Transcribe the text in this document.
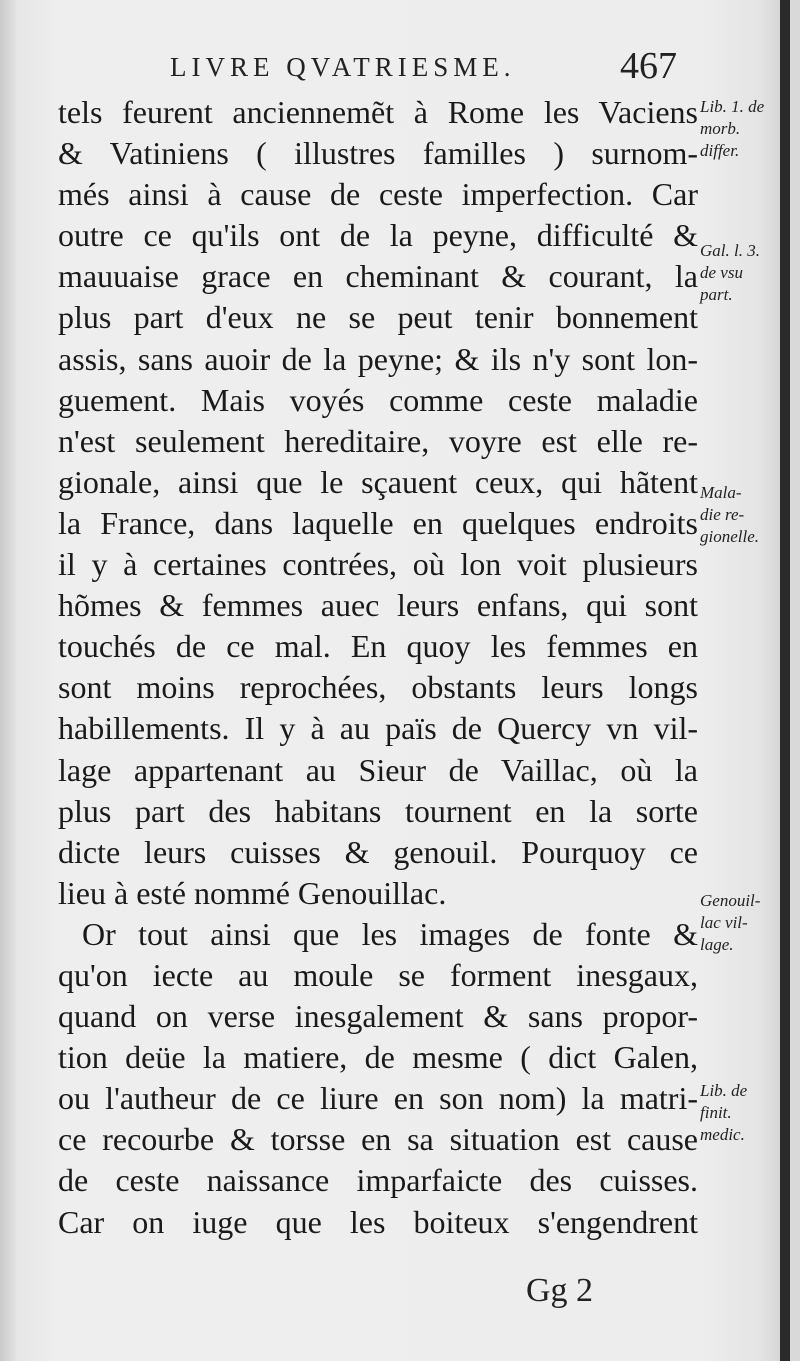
LIVRE QVATRIESME.	467
tels feurent anciennemẽt à Rome les Vaciens
& Vatiniens ( illustres familles ) surnom-
més ainsi à cause de ceste imperfection. Car
outre ce qu'ils ont de la peyne, difficulté &
mauuaise grace en cheminant & courant, la
plus part d'eux ne se peut tenir bonnement
assis, sans auoir de la peyne; & ils n'y sont lon-
guement. Mais voyés comme ceste maladie
n'est seulement hereditaire, voyre est elle re-
gionale, ainsi que le sçauent ceux, qui hãtent
la France, dans laquelle en quelques endroits
il y à certaines contrées, où lon voit plusieurs
hõmes & femmes auec leurs enfans, qui sont
touchés de ce mal. En quoy les femmes en
sont moins reprochées, obstants leurs longs
habillements. Il y à au païs de Quercy vn vil-
lage appartenant au Sieur de Vaillac, où la
plus part des habitans tournent en la sorte
dicte leurs cuisses & genouil. Pourquoy ce
lieu à esté nommé Genouillac.
Or tout ainsi que les images de fonte &
qu'on iecte au moule se forment inesgaux,
quand on verse inesgalement & sans propor-
tion deüe la matiere, de mesme ( dict Galen,
ou l'autheur de ce liure en son nom) la matri-
ce recourbe & torsse en sa situation est cause
de ceste naissance imparfaicte des cuisses.
Car on iuge que les boiteux s'engendrent
Lib. 1. de
morb.
differ.
Gal. l. 3.
de vsu
part.
Mala-
die re-
gionelle.
Genouil-
lac vil-
lage.
Lib. de
finit.
medic.
Gg 2
